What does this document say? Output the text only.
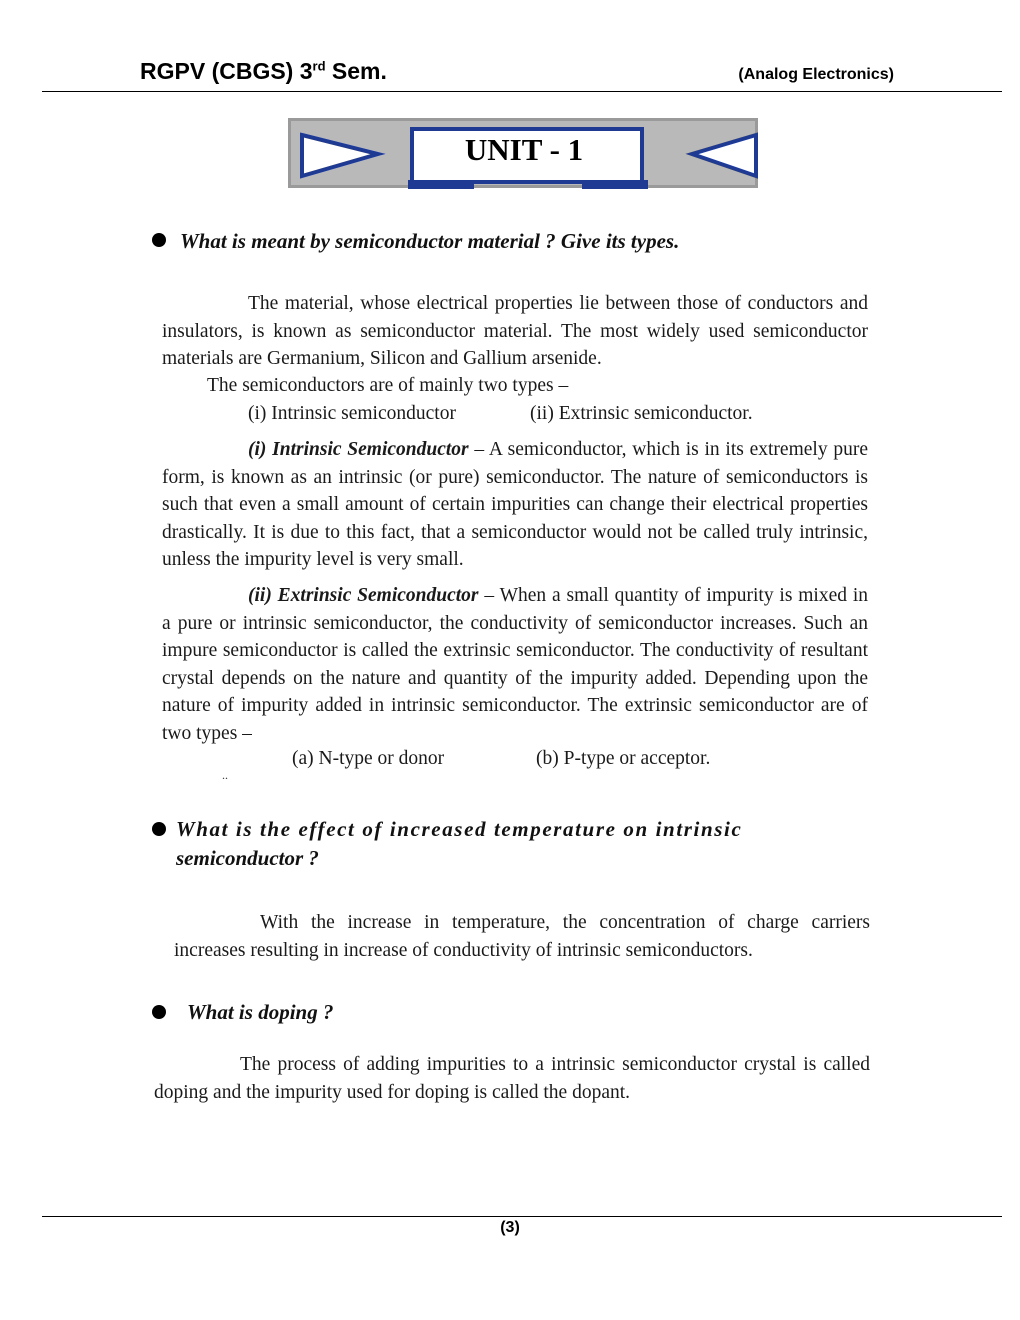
RGPV (CBGS) 3rd Sem.	(Analog Electronics)
UNIT - 1
What is meant by semiconductor material ? Give its types.
The material, whose electrical properties lie between those of conductors and insulators, is known as semiconductor material. The most widely used semiconductor materials are Germanium, Silicon and Gallium arsenide.
The semiconductors are of mainly two types –
(i) Intrinsic semiconductor	(ii) Extrinsic semiconductor.
(i) Intrinsic Semiconductor – A semiconductor, which is in its extremely pure form, is known as an intrinsic (or pure) semiconductor. The nature of semiconductors is such that even a small amount of certain impurities can change their electrical properties drastically. It is due to this fact, that a semiconductor would not be called truly intrinsic, unless the impurity level is very small.
(ii) Extrinsic Semiconductor – When a small quantity of impurity is mixed in a pure or intrinsic semiconductor, the conductivity of semiconductor increases. Such an impure semiconductor is called the extrinsic semiconductor. The conductivity of resultant crystal depends on the nature and quantity of the impurity added. Depending upon the nature of impurity added in intrinsic semiconductor. The extrinsic semiconductor are of two types –
(a) N-type or donor	(b) P-type or acceptor.
..
What is the effect of increased temperature on intrinsic
semiconductor ?
With the increase in temperature, the concentration of charge carriers increases resulting in increase of conductivity of intrinsic semiconductors.
What is doping ?
The process of adding impurities to a intrinsic semiconductor crystal is called doping and the impurity used for doping is called the dopant.
(3)
